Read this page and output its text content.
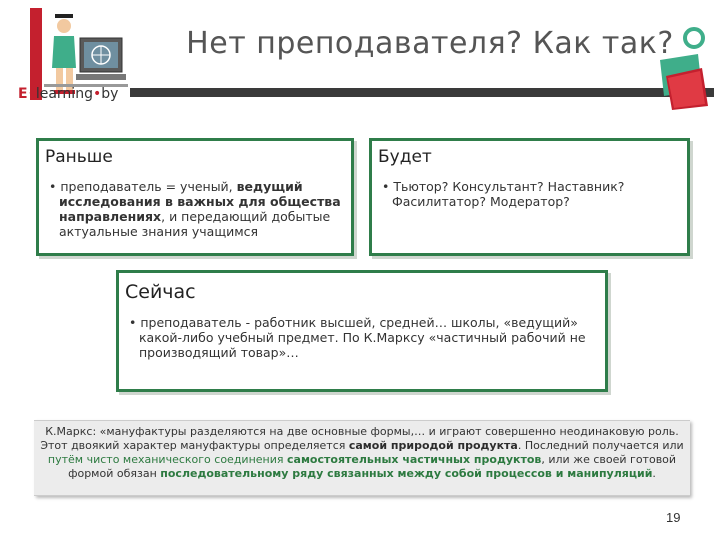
E•learning•by
Нет преподавателя? Как так?
Раньше
• преподаватель = ученый, ведущий исследования в важных для общества направлениях, и передающий добытые актуальные знания учащимся
Будет
• Тьютор? Консультант? Наставник? Фасилитатор? Модератор?
Сейчас
• преподаватель - работник высшей, средней… школы, «ведущий» какой-либо учебный предмет. По К.Марксу «частичный рабочий не производящий товар»…
К.Маркс: «мануфактуры разделяются на две основные формы,… и играют совершенно неодинаковую роль. Этот двоякий характер мануфактуры определяется самой природой продукта. Последний получается или путём чисто механического соединения самостоятельных частичных продуктов, или же своей готовой формой обязан последовательному ряду связанных между собой процессов и манипуляций.
19
